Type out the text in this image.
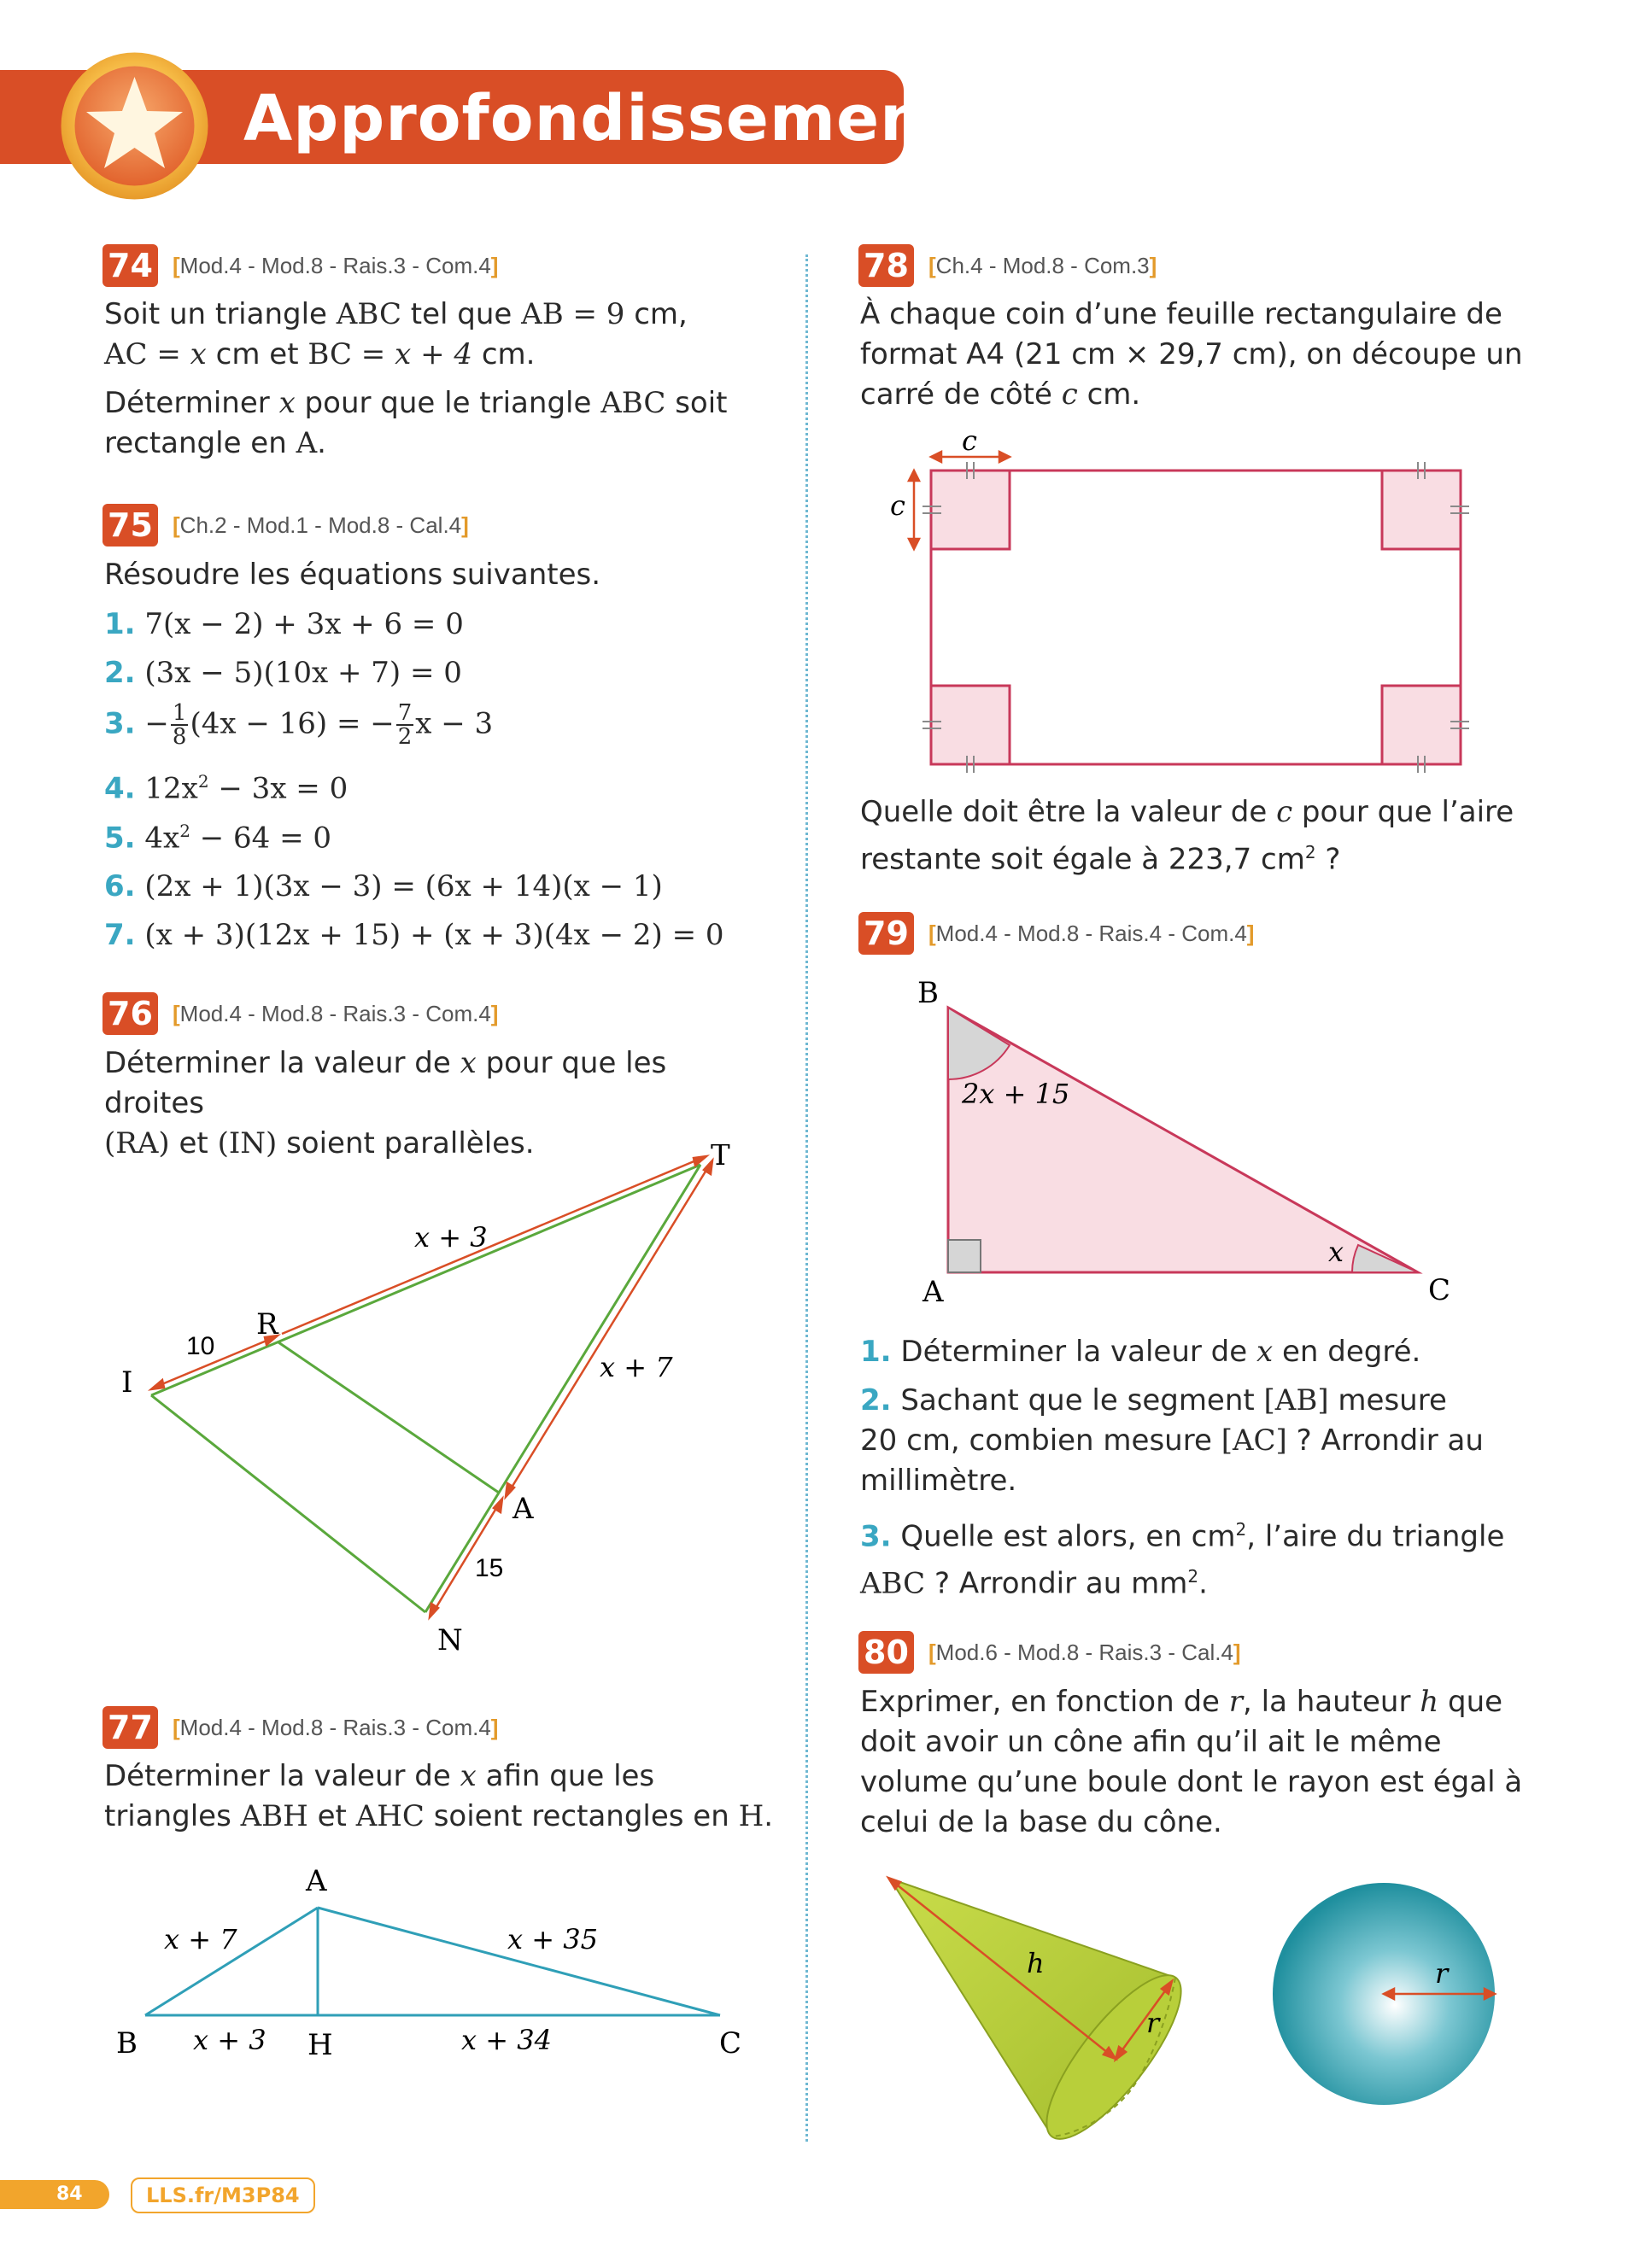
Approfondissement
74 [Mod.4 - Mod.8 - Rais.3 - Com.4]
Soit un triangle ABC tel que AB = 9 cm,
AC = x cm et BC = x + 4 cm.
Déterminer x pour que le triangle ABC soit
rectangle en A.
75 [Ch.2 - Mod.1 - Mod.8 - Cal.4]
Résoudre les équations suivantes.
1. 7(x − 2) + 3x + 6 = 0
2. (3x − 5)(10x + 7) = 0
3. − $\frac{1}{8} (4x - 16)$ = − $\frac{7}{2}$ x − 3
4. $12x^2 - 3x = 0$
5. $4x^2 - 64 = 0$
6. (2x + 1)(3x − 3) = (6x + 14)(x − 1)
7. (x + 3)(12x + 15) + (x + 3)(4x − 2) = 0
76 [Mod.4 - Mod.8 - Rais.3 - Com.4]
Déterminer la valeur de x pour que les droites
(RA) et (IN) soient parallèles.	T
R
I
A
N
x + 3
10
x + 7
15
77 [Mod.4 - Mod.8 - Rais.3 - Com.4]
Déterminer la valeur de x afin que les
triangles ABH et AHC soient rectangles en H.
A
B	H	C
x + 7	x + 35
x + 3	x + 34
78 [Ch.4 - Mod.8 - Com.3]
À chaque coin d’une feuille rectangulaire de
format A4 (21 cm × 29,7 cm), on découpe un
carré de côté c cm.
c
c
Quelle doit être la valeur de c pour que l’aire
restante soit égale à 223,7 $cm^2$ ?
79 [Mod.4 - Mod.8 - Rais.4 - Com.4]
B
A	C
2x + 15
x
1. Déterminer la valeur de x en degré.
2. Sachant que le segment [AB] mesure
20 cm, combien mesure [AC] ? Arrondir au
millimètre.
3. Quelle est alors, en $cm^2$, l’aire du triangle
ABC ? Arrondir au $mm^2$.
80 [Mod.6 - Mod.8 - Rais.3 - Cal.4]
Exprimer, en fonction de r, la hauteur h que
doit avoir un cône afin qu’il ait le même
volume qu’une boule dont le rayon est égal à
celui de la base du cône.
h
r
r
84	LLS.fr/M3P84
